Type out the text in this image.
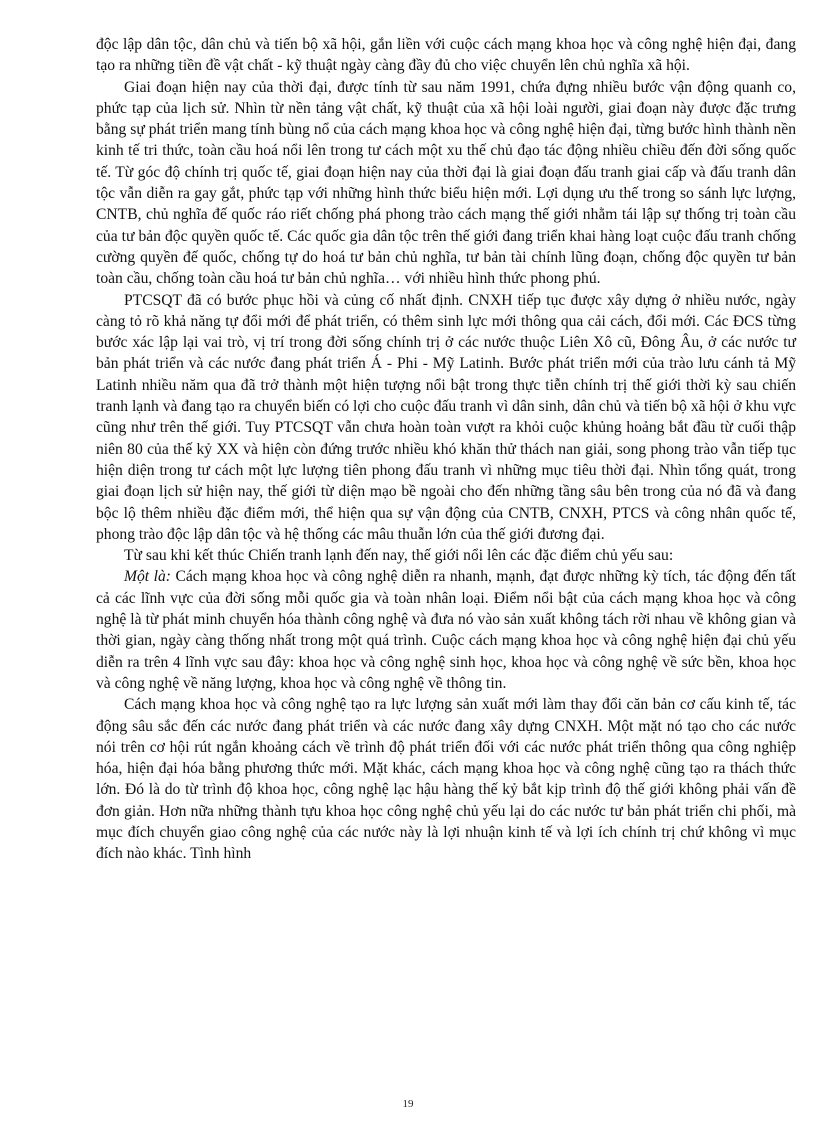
độc lập dân tộc, dân chủ và tiến bộ xã hội, gắn liền với cuộc cách mạng khoa học và công nghệ hiện đại, đang tạo ra những tiền đề vật chất - kỹ thuật ngày càng đầy đủ cho việc chuyển lên chủ nghĩa xã hội.

Giai đoạn hiện nay của thời đại, được tính từ sau năm 1991, chứa đựng nhiều bước vận động quanh co, phức tạp của lịch sử. Nhìn từ nền tảng vật chất, kỹ thuật của xã hội loài người, giai đoạn này được đặc trưng bằng sự phát triển mang tính bùng nổ của cách mạng khoa học và công nghệ hiện đại, từng bước hình thành nền kinh tế tri thức, toàn cầu hoá nổi lên trong tư cách một xu thế chủ đạo tác động nhiều chiều đến đời sống quốc tế. Từ góc độ chính trị quốc tế, giai đoạn hiện nay của thời đại là giai đoạn đấu tranh giai cấp và đấu tranh dân tộc vẫn diễn ra gay gắt, phức tạp với những hình thức biểu hiện mới. Lợi dụng ưu thế trong so sánh lực lượng, CNTB, chủ nghĩa đế quốc ráo riết chống phá phong trào cách mạng thế giới nhằm tái lập sự thống trị toàn cầu của tư bản độc quyền quốc tế. Các quốc gia dân tộc trên thế giới đang triển khai hàng loạt cuộc đấu tranh chống cường quyền đế quốc, chống tự do hoá tư bản chủ nghĩa, tư bản tài chính lũng đoạn, chống độc quyền tư bản toàn cầu, chống toàn cầu hoá tư bản chủ nghĩa… với nhiều hình thức phong phú.

PTCSQT đã có bước phục hồi và củng cố nhất định. CNXH tiếp tục được xây dựng ở nhiều nước, ngày càng tỏ rõ khả năng tự đổi mới để phát triển, có thêm sinh lực mới thông qua cải cách, đổi mới. Các ĐCS từng bước xác lập lại vai trò, vị trí trong đời sống chính trị ở các nước thuộc Liên Xô cũ, Đông Âu, ở các nước tư bản phát triển và các nước đang phát triển Á - Phi - Mỹ Latinh. Bước phát triển mới của trào lưu cánh tả Mỹ Latinh nhiều năm qua đã trở thành một hiện tượng nổi bật trong thực tiễn chính trị thế giới thời kỳ sau chiến tranh lạnh và đang tạo ra chuyển biến có lợi cho cuộc đấu tranh vì dân sinh, dân chủ và tiến bộ xã hội ở khu vực cũng như trên thế giới. Tuy PTCSQT vẫn chưa hoàn toàn vượt ra khỏi cuộc khủng hoảng bắt đầu từ cuối thập niên 80 của thế kỷ XX và hiện còn đứng trước nhiều khó khăn thử thách nan giải, song phong trào vẫn tiếp tục hiện diện trong tư cách một lực lượng tiên phong đấu tranh vì những mục tiêu thời đại. Nhìn tổng quát, trong giai đoạn lịch sử hiện nay, thế giới từ diện mạo bề ngoài cho đến những tầng sâu bên trong của nó đã và đang bộc lộ thêm nhiều đặc điểm mới, thể hiện qua sự vận động của CNTB, CNXH, PTCS và công nhân quốc tế, phong trào độc lập dân tộc và hệ thống các mâu thuẫn lớn của thế giới đương đại.

Từ sau khi kết thúc Chiến tranh lạnh đến nay, thế giới nổi lên các đặc điểm chủ yếu sau:

Một là: Cách mạng khoa học và công nghệ diễn ra nhanh, mạnh, đạt được những kỳ tích, tác động đến tất cả các lĩnh vực của đời sống mỗi quốc gia và toàn nhân loại. Điểm nổi bật của cách mạng khoa học và công nghệ là từ phát minh chuyển hóa thành công nghệ và đưa nó vào sản xuất không tách rời nhau về không gian và thời gian, ngày càng thống nhất trong một quá trình. Cuộc cách mạng khoa học và công nghệ hiện đại chủ yếu diễn ra trên 4 lĩnh vực sau đây: khoa học và công nghệ sinh học, khoa học và công nghệ về sức bền, khoa học và công nghệ về năng lượng, khoa học và công nghệ về thông tin.

Cách mạng khoa học và công nghệ tạo ra lực lượng sản xuất mới làm thay đổi căn bản cơ cấu kinh tế, tác động sâu sắc đến các nước đang phát triển và các nước đang xây dựng CNXH. Một mặt nó tạo cho các nước nói trên cơ hội rút ngắn khoảng cách về trình độ phát triển đối với các nước phát triển thông qua công nghiệp hóa, hiện đại hóa bằng phương thức mới. Mặt khác, cách mạng khoa học và công nghệ cũng tạo ra thách thức lớn. Đó là do từ trình độ khoa học, công nghệ lạc hậu hàng thế kỷ bắt kịp trình độ thế giới không phải vấn đề đơn giản. Hơn nữa những thành tựu khoa học công nghệ chủ yếu lại do các nước tư bản phát triển chi phối, mà mục đích chuyển giao công nghệ của các nước này là lợi nhuận kinh tế và lợi ích chính trị chứ không vì mục đích nào khác. Tình hình

19
